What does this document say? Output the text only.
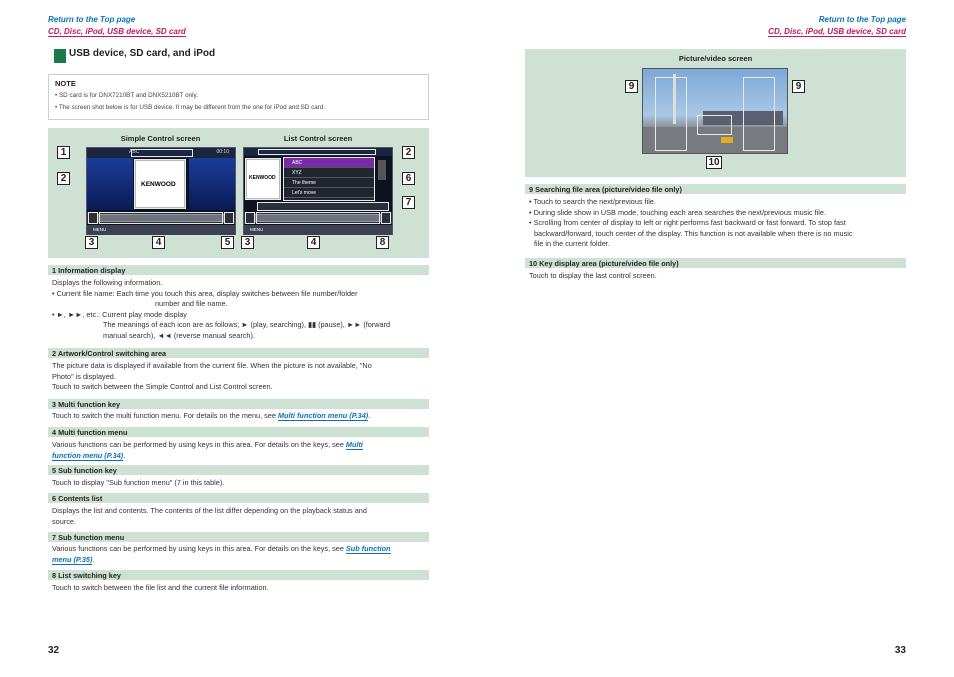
Return to the Top page
CD, Disc, iPod, USB device, SD card
USB device, SD card, and iPod
NOTE
• SD card is for DNX7210BT and DNX5210BT only.
• The screen shot below is for USB device. It may be different from the one for iPod and SD card.
Simple Control screen	List Control screen
ABC	00:10
KENWOOD
MENU
KENWOOD
ABC
XYZ
The theme
Let's move
MENU
1
2
3	4	5
2
6
7
3	4	8
1 Information display
Displays the following information.
• Current file name: Each time you touch this area, display switches between file number/folder
number and file name.
• ►, ►►, etc.: Current play mode display
The meanings of each icon are as follows; ► (play, searching), ▮▮ (pause), ►► (forward
manual search), ◄◄ (reverse manual search).
2 Artwork/Control switching area
The picture data is displayed if available from the current file. When the picture is not available, "No
Photo" is displayed.
Touch to switch between the Simple Control and List Control screen.
3 Multi function key
Touch to switch the multi function menu. For details on the menu, see Multi function menu (P.34).
4 Multi function menu
Various functions can be performed by using keys in this area. For details on the keys, see Multi
function menu (P.34).
5 Sub function key
Touch to display "Sub function menu" (7 in this table).
6 Contents list
Displays the list and contents. The contents of the list differ depending on the playback status and
source.
7 Sub function menu
Various functions can be performed by using keys in this area. For details on the keys, see Sub function
menu (P.35).
8 List switching key
Touch to switch between the file list and the current file information.
32
Return to the Top page
CD, Disc, iPod, USB device, SD card
Picture/video screen
9	9
10
9 Searching file area (picture/video file only)
• Touch to search the next/previous file.
• During slide show in USB mode, touching each area searches the next/previous music file.
• Scrolling from center of display to left or right performs fast backward or fast forward. To stop fast
backward/forward, touch center of the display. This function is not available when there is no music
file in the current folder.
10 Key display area (picture/video file only)
Touch to display the last control screen.
33
